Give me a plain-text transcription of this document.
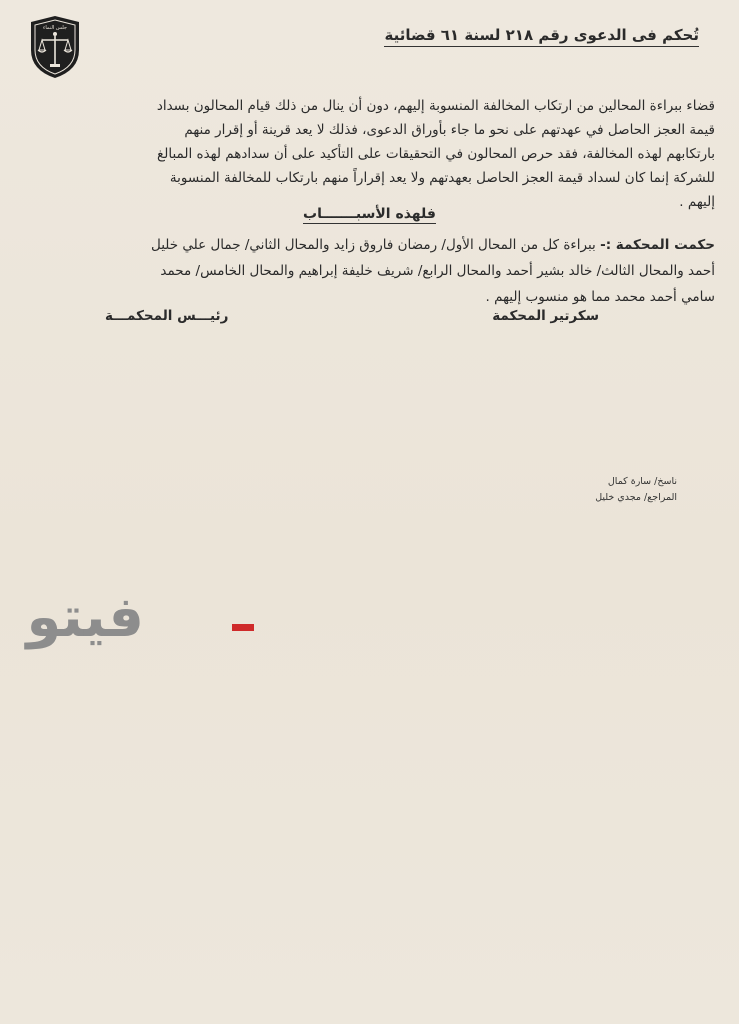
جلس النماء	تُحكم فى الدعوى رقم ٢١٨ لسنة ٦١ قضائية
قضاء ببراءة المحالين من ارتكاب المخالفة المنسوبة إليهم، دون أن ينال من ذلك قيام المحالون بسداد
قيمة العجز الحاصل في عهدتهم على نحو ما جاء بأوراق الدعوى، فذلك لا يعد قرينة أو إقرار منهم
بارتكابهم لهذه المخالفة، فقد حرص المحالون في التحقيقات على التأكيد على أن سدادهم لهذه المبالغ
للشركة إنما كان لسداد قيمة العجز الحاصل بعهدتهم ولا يعد إقراراً منهم بارتكاب للمخالفة المنسوبة
إليهم .
فلهذه الأسبـــــــاب
حكمت المحكمة :- ببراءة كل من المحال الأول/ رمضان فاروق زايد والمحال الثاني/ جمال علي خليل
أحمد والمحال الثالث/ خالد بشير أحمد والمحال الرابع/ شريف خليفة إبراهيم والمحال الخامس/ محمد
سامي أحمد محمد مما هو منسوب إليهم .
سكرتير المحكمة
رئيـــس المحكمـــة
ناسخ/ سارة كمال
المراجع/ مجدي خليل
فيتو
